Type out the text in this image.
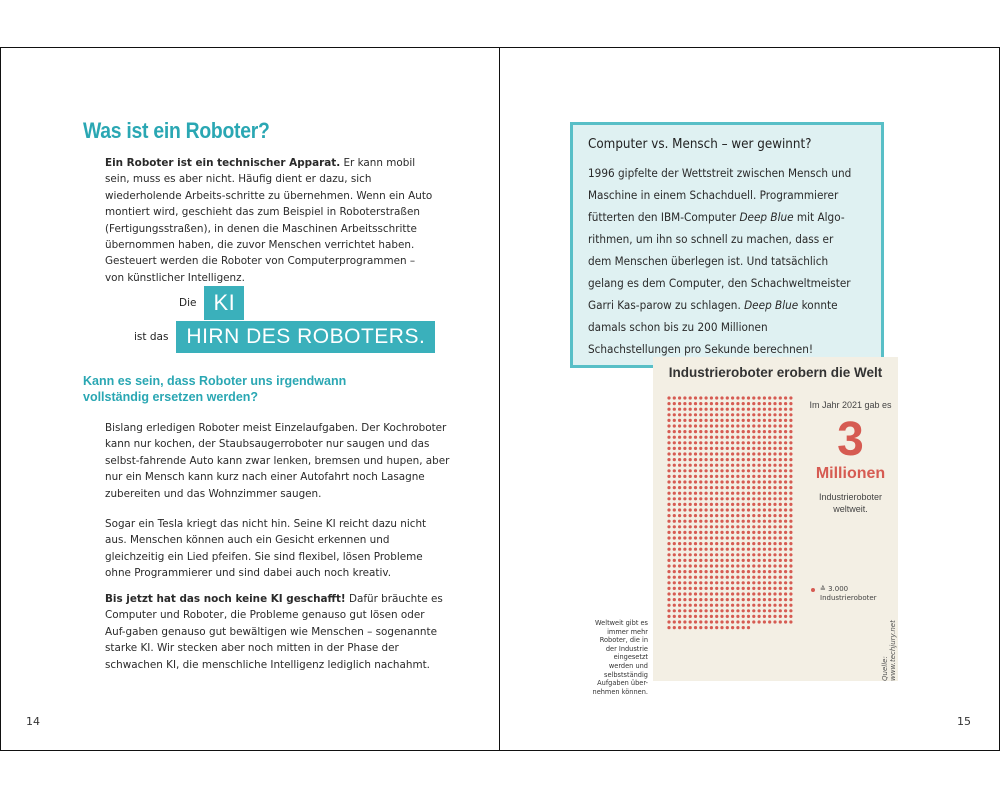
Was ist ein Roboter?

Ein Roboter ist ein technischer Apparat. Er kann mobil sein, muss es aber nicht. Häufig dient er dazu, sich wiederholende Arbeits-schritte zu übernehmen. Wenn ein Auto montiert wird, geschieht das zum Beispiel in Roboterstraßen (Fertigungsstraßen), in denen die Maschinen Arbeitsschritte übernommen haben, die zuvor Menschen verrichtet haben. Gesteuert werden die Roboter von Computerprogrammen – von künstlicher Intelligenz.

Die KI
ist das HIRN DES ROBOTERS.
Kann es sein, dass Roboter uns irgendwann vollständig ersetzen werden?

Bislang erledigen Roboter meist Einzelaufgaben. Der Kochroboter kann nur kochen, der Staubsaugerroboter nur saugen und das selbst-fahrende Auto kann zwar lenken, bremsen und hupen, aber nur ein Mensch kann kurz nach einer Autofahrt noch Lasagne zubereiten und das Wohnzimmer saugen.

Sogar ein Tesla kriegt das nicht hin. Seine KI reicht dazu nicht aus. Menschen können auch ein Gesicht erkennen und gleichzeitig ein Lied pfeifen. Sie sind flexibel, lösen Probleme ohne Programmierer und sind dabei auch noch kreativ.

Bis jetzt hat das noch keine KI geschafft! Dafür bräuchte es Computer und Roboter, die Probleme genauso gut lösen oder Auf-gaben genauso gut bewältigen wie Menschen – sogenannte starke KI. Wir stecken aber noch mitten in der Phase der schwachen KI, die menschliche Intelligenz lediglich nachahmt.

14
Computer vs. Mensch – wer gewinnt?
1996 gipfelte der Wettstreit zwischen Mensch und Maschine in einem Schachduell. Programmierer fütterten den IBM-Computer Deep Blue mit Algo-rithmen, um ihn so schnell zu machen, dass er dem Menschen überlegen ist. Und tatsächlich gelang es dem Computer, den Schachweltmeister Garri Kas-parow zu schlagen. Deep Blue konnte damals schon bis zu 200 Millionen Schachstellungen pro Sekunde berechnen!
Industrieroboter erobern die Welt
Im Jahr 2021 gab es
3
Millionen
Industrieroboter weltweit.
≙ 3.000 Industrieroboter
Quelle: www.techjury.net
Weltweit gibt es immer mehr Roboter, die in der Industrie eingesetzt werden und selbstständig Aufgaben über-nehmen können.
15
